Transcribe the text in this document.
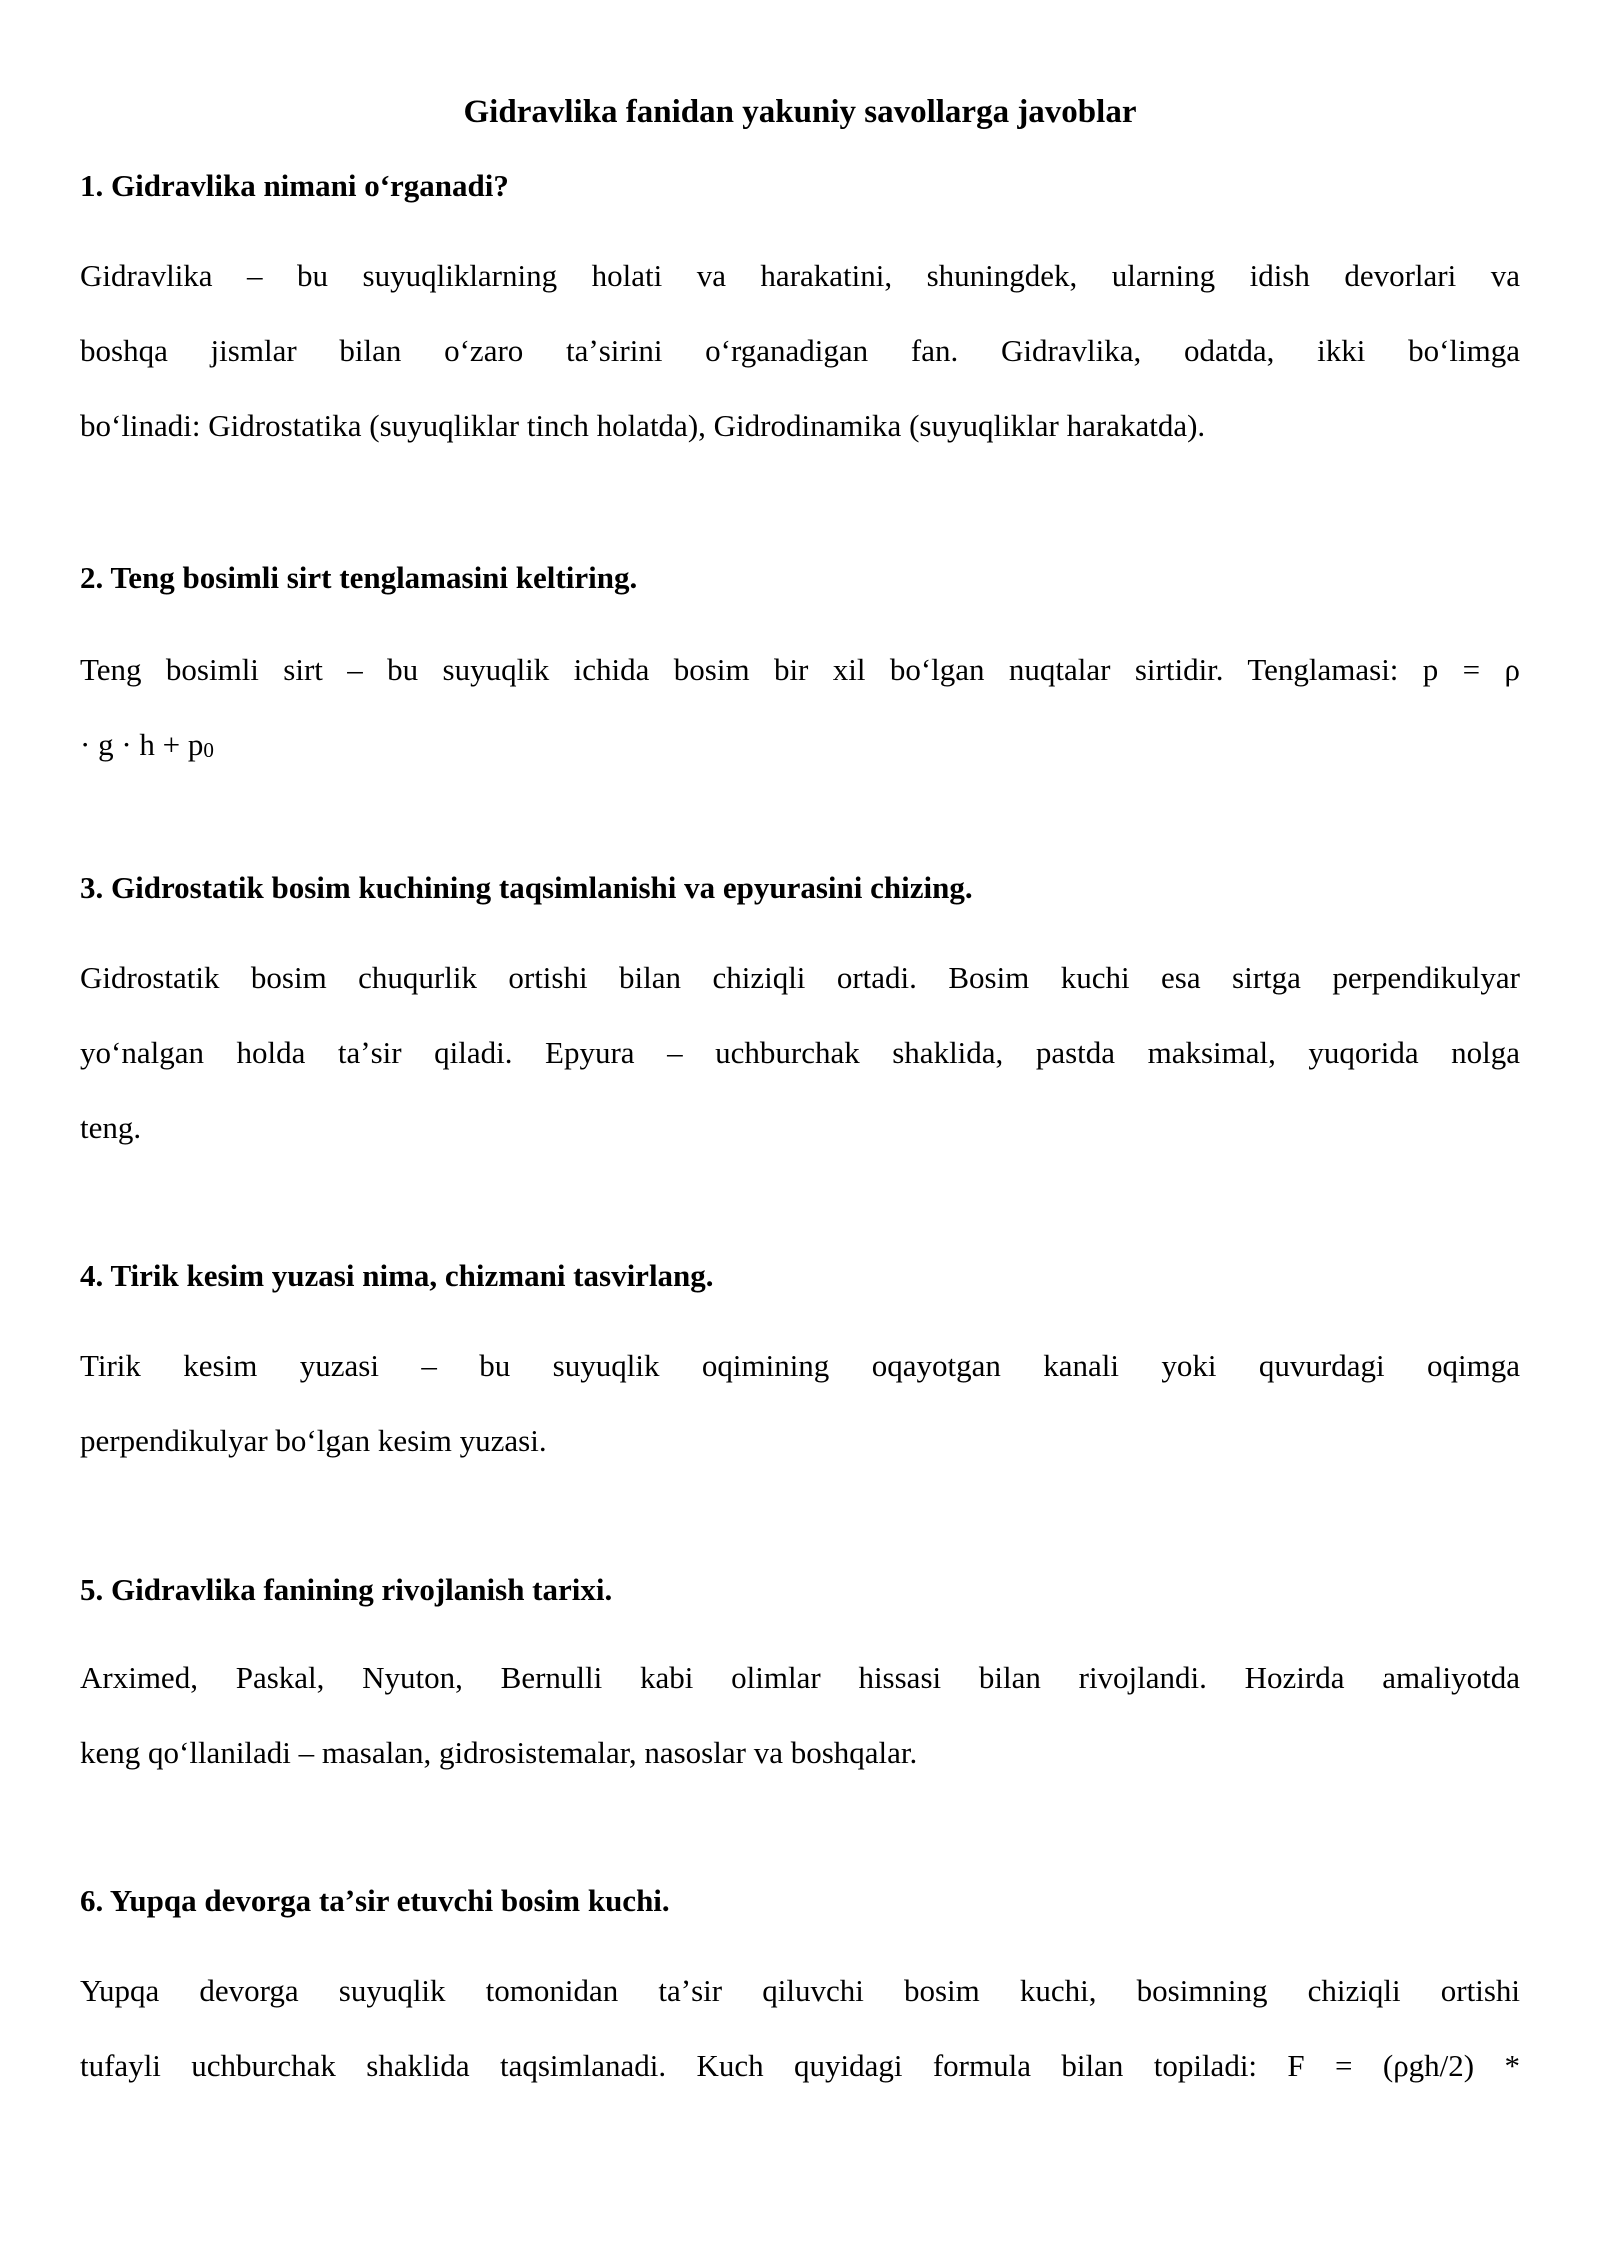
Gidravlika fanidan yakuniy savollarga javoblar
1. Gidravlika nimani oʻrganadi?
Gidravlika – bu suyuqliklarning holati va harakatini, shuningdek, ularning idish devorlari va
boshqa jismlar bilan oʻzaro taʼsirini oʻrganadigan fan. Gidravlika, odatda, ikki boʻlimga
boʻlinadi: Gidrostatika (suyuqliklar tinch holatda), Gidrodinamika (suyuqliklar harakatda).
2. Teng bosimli sirt tenglamasini keltiring.
Teng bosimli sirt – bu suyuqlik ichida bosim bir xil boʻlgan nuqtalar sirtidir. Tenglamasi: p = ρ
· g · h + p0
3. Gidrostatik bosim kuchining taqsimlanishi va epyurasini chizing.
Gidrostatik bosim chuqurlik ortishi bilan chiziqli ortadi. Bosim kuchi esa sirtga perpendikulyar
yoʻnalgan holda taʼsir qiladi. Epyura – uchburchak shaklida, pastda maksimal, yuqorida nolga
teng.
4. Tirik kesim yuzasi nima, chizmani tasvirlang.
Tirik kesim yuzasi – bu suyuqlik oqimining oqayotgan kanali yoki quvurdagi oqimga
perpendikulyar boʻlgan kesim yuzasi.
5. Gidravlika fanining rivojlanish tarixi.
Arximed, Paskal, Nyuton, Bernulli kabi olimlar hissasi bilan rivojlandi. Hozirda amaliyotda
keng qoʻllaniladi – masalan, gidrosistemalar, nasoslar va boshqalar.
6. Yupqa devorga taʼsir etuvchi bosim kuchi.
Yupqa devorga suyuqlik tomonidan taʼsir qiluvchi bosim kuchi, bosimning chiziqli ortishi
tufayli uchburchak shaklida taqsimlanadi. Kuch quyidagi formula bilan topiladi: F = (ρgh/2) *
